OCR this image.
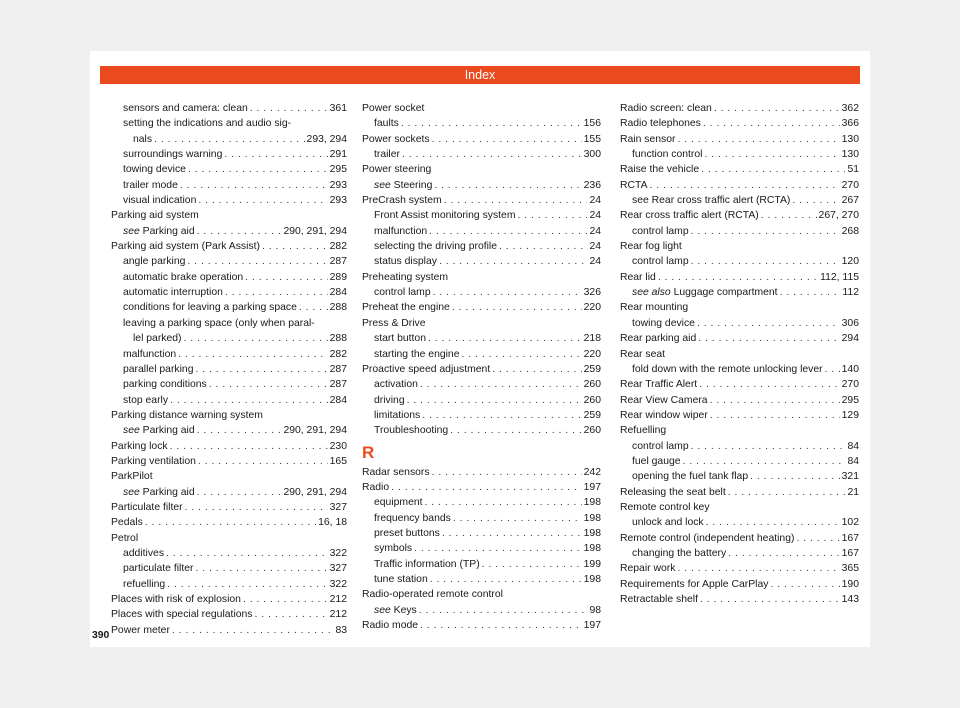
Index
sensors and camera: clean . . .	361
setting the indications and audio sig-
nals . . .	293, 294
surroundings warning . . .	291
towing device . . .	295
trailer mode . . .	293
visual indication . . .	293
Parking aid system
see Parking aid . . .	290, 291, 294
Parking aid system (Park Assist) . . .	282
angle parking . . .	287
automatic brake operation . . .	289
automatic interruption . . .	284
conditions for leaving a parking space . . .	288
leaving a parking space (only when paral-
lel parked) . . .	288
malfunction . . .	282
parallel parking . . .	287
parking conditions . . .	287
stop early . . .	284
Parking distance warning system
see Parking aid . . .	290, 291, 294
Parking lock . . .	230
Parking ventilation . . .	165
ParkPilot
see Parking aid . . .	290, 291, 294
Particulate filter . . .	327
Pedals . . .	16, 18
Petrol
additives . . .	322
particulate filter . . .	327
refuelling . . .	322
Places with risk of explosion . . .	212
Places with special regulations . . .	212
Power meter . . .	83
Power socket
faults . . .	156
Power sockets . . .	155
trailer . . .	300
Power steering
see Steering . . .	236
PreCrash system . . .	24
Front Assist monitoring system . . .	24
malfunction . . .	24
selecting the driving profile . . .	24
status display . . .	24
Preheating system
control lamp . . .	326
Preheat the engine . . .	220
Press & Drive
start button . . .	218
starting the engine . . .	220
Proactive speed adjustment . . .	259
activation . . .	260
driving . . .	260
limitations . . .	259
Troubleshooting . . .	260
R
Radar sensors . . .	242
Radio . . .	197
equipment . . .	198
frequency bands . . .	198
preset buttons . . .	198
symbols . . .	198
Traffic information (TP) . . .	199
tune station . . .	198
Radio-operated remote control
see Keys . . .	98
Radio mode . . .	197
Radio screen: clean . . .	362
Radio telephones . . .	366
Rain sensor . . .	130
function control . . .	130
Raise the vehicle . . .	51
RCTA . . .	270
see Rear cross traffic alert (RCTA) . . .	267
Rear cross traffic alert (RCTA) . . .	267, 270
control lamp . . .	268
Rear fog light
control lamp . . .	120
Rear lid . . .	112, 115
see also Luggage compartment . . .	112
Rear mounting
towing device . . .	306
Rear parking aid . . .	294
Rear seat
fold down with the remote unlocking lever . . . 140
Rear Traffic Alert . . .	270
Rear View Camera . . .	295
Rear window wiper . . .	129
Refuelling
control lamp . . .	84
fuel gauge . . .	84
opening the fuel tank flap . . .	321
Releasing the seat belt . . .	21
Remote control key
unlock and lock . . .	102
Remote control (independent heating) . . .	167
changing the battery . . .	167
Repair work . . .	365
Requirements for Apple CarPlay . . .	190
Retractable shelf . . .	143
390
